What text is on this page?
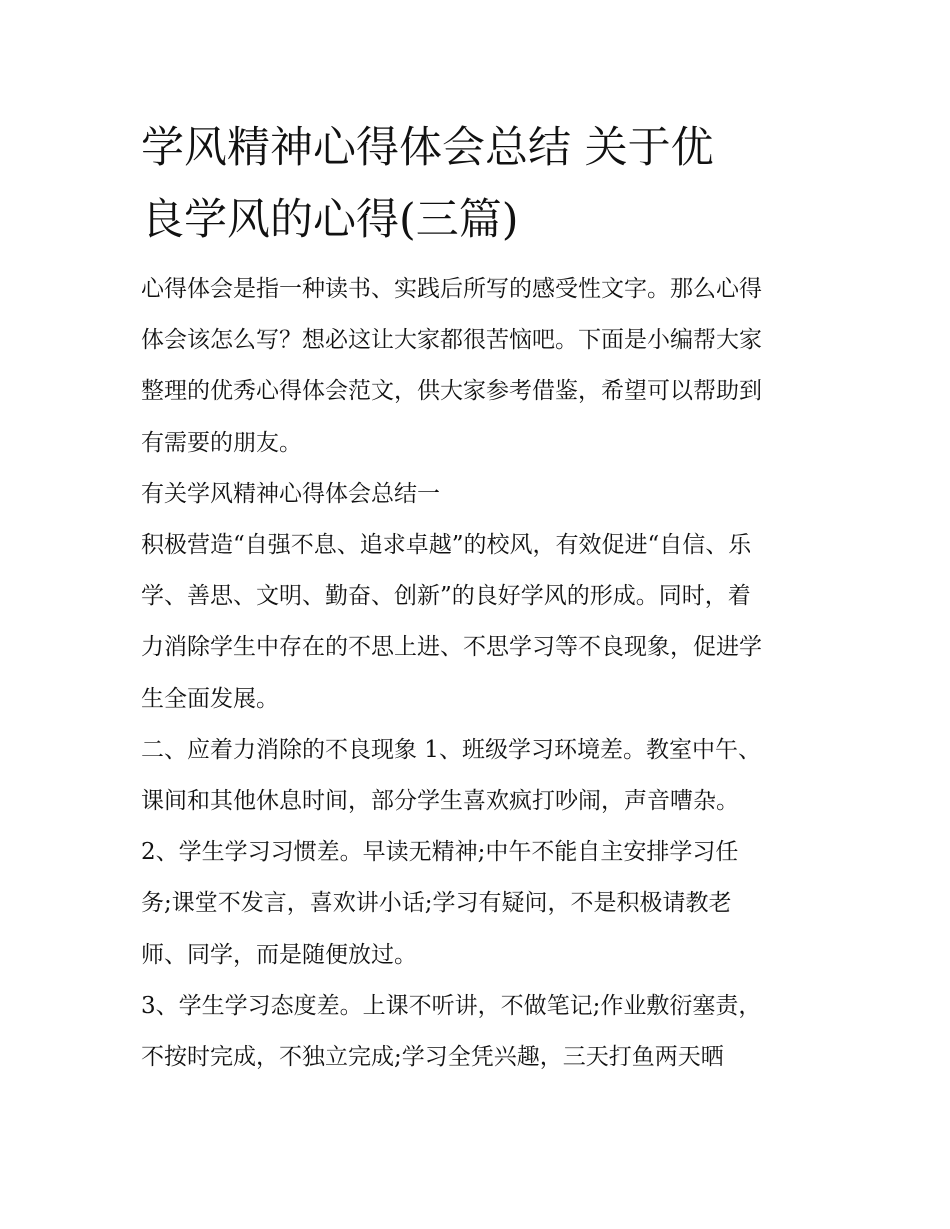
学风精神心得体会总结 关于优
良学风的心得(三篇)

心得体会是指一种读书、实践后所写的感受性文字。那么心得
体会该怎么写？想必这让大家都很苦恼吧。下面是小编帮大家
整理的优秀心得体会范文，供大家参考借鉴，希望可以帮助到
有需要的朋友。

有关学风精神心得体会总结一

积极营造“自强不息、追求卓越”的校风，有效促进“自信、乐
学、善思、文明、勤奋、创新”的良好学风的形成。同时，着
力消除学生中存在的不思上进、不思学习等不良现象，促进学
生全面发展。

二、应着力消除的不良现象 1、班级学习环境差。教室中午、
课间和其他休息时间，部分学生喜欢疯打吵闹，声音嘈杂。

2、学生学习习惯差。早读无精神;中午不能自主安排学习任
务;课堂不发言，喜欢讲小话;学习有疑问，不是积极请教老
师、同学，而是随便放过。

3、学生学习态度差。上课不听讲，不做笔记;作业敷衍塞责，
不按时完成，不独立完成;学习全凭兴趣，三天打鱼两天晒
